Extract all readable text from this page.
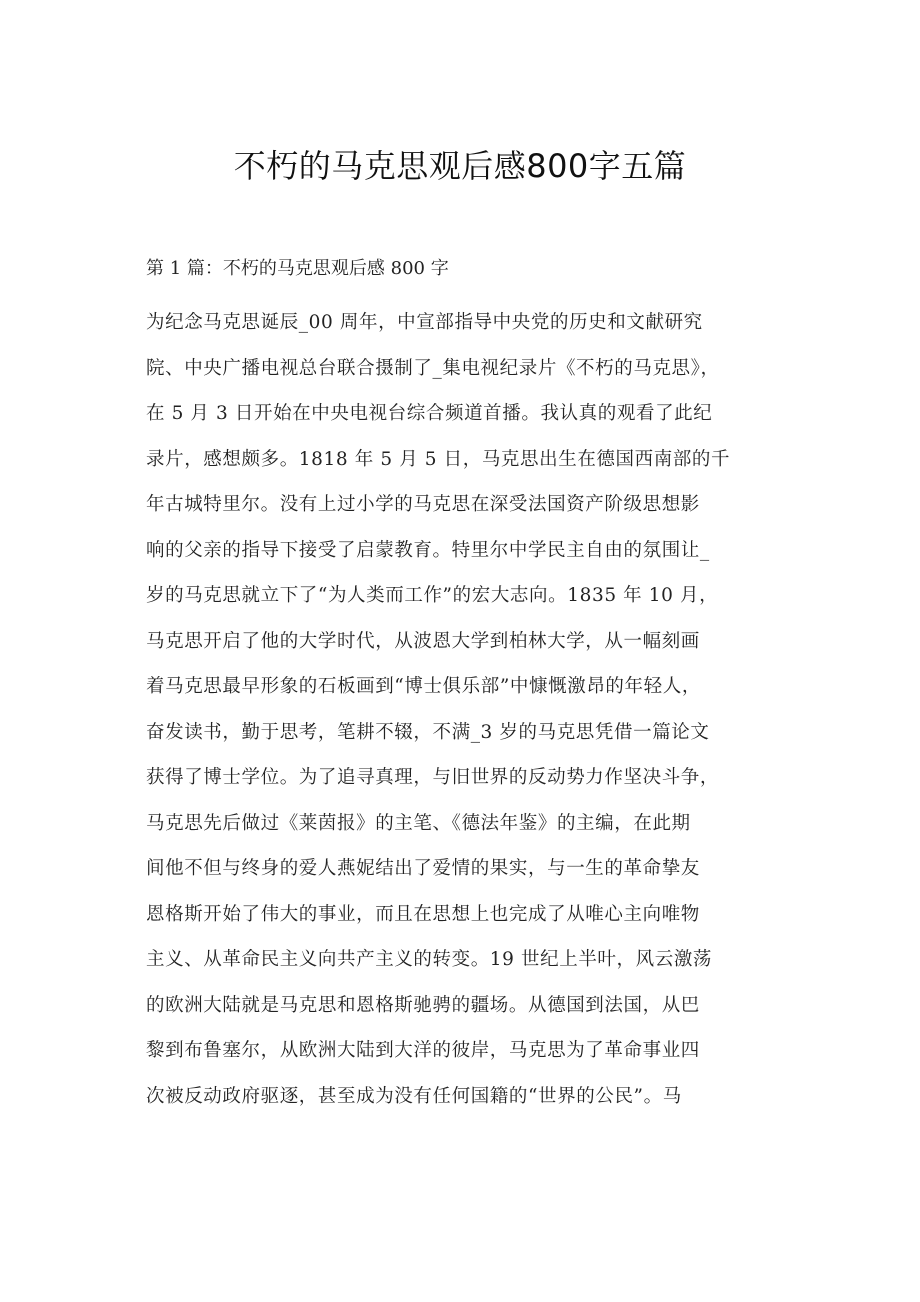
不朽的马克思观后感800字五篇
第 1 篇：不朽的马克思观后感 800 字
为纪念马克思诞辰_00 周年，中宣部指导中央党的历史和文献研究
院、中央广播电视总台联合摄制了_集电视纪录片《不朽的马克思》，
在 5 月 3 日开始在中央电视台综合频道首播。我认真的观看了此纪
录片，感想颇多。1818 年 5 月 5 日，马克思出生在德国西南部的千
年古城特里尔。没有上过小学的马克思在深受法国资产阶级思想影
响的父亲的指导下接受了启蒙教育。特里尔中学民主自由的氛围让_
岁的马克思就立下了“为人类而工作”的宏大志向。1835 年 10 月，
马克思开启了他的大学时代，从波恩大学到柏林大学，从一幅刻画
着马克思最早形象的石板画到“博士俱乐部”中慷慨激昂的年轻人，
奋发读书，勤于思考，笔耕不辍，不满_3 岁的马克思凭借一篇论文
获得了博士学位。为了追寻真理，与旧世界的反动势力作坚决斗争，
马克思先后做过《莱茵报》的主笔、《德法年鉴》的主编，在此期
间他不但与终身的爱人燕妮结出了爱情的果实，与一生的革命挚友
恩格斯开始了伟大的事业，而且在思想上也完成了从唯心主向唯物
主义、从革命民主义向共产主义的转变。19 世纪上半叶，风云激荡
的欧洲大陆就是马克思和恩格斯驰骋的疆场。从德国到法国，从巴
黎到布鲁塞尔，从欧洲大陆到大洋的彼岸，马克思为了革命事业四
次被反动政府驱逐，甚至成为没有任何国籍的“世界的公民”。马
